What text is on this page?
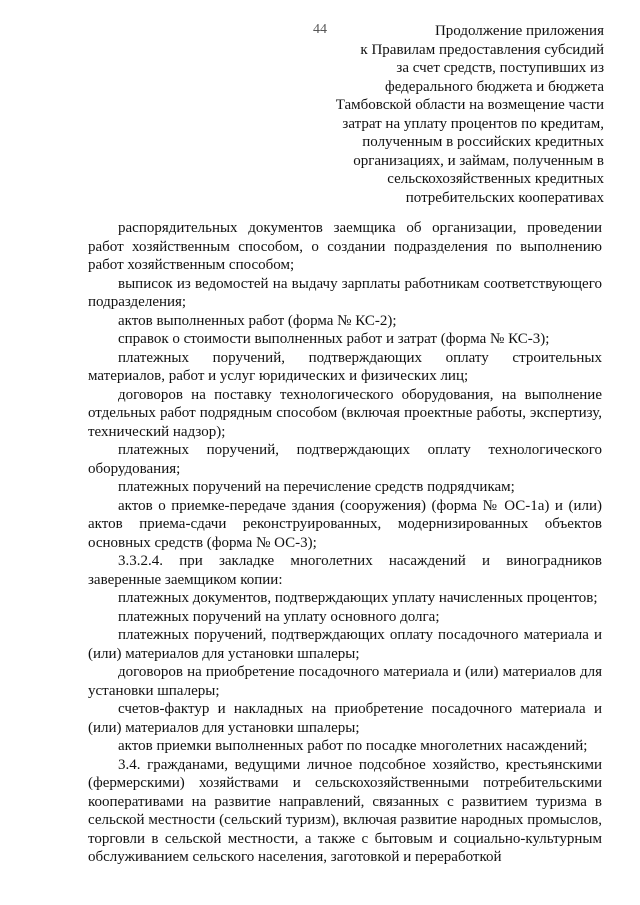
44	Продолжение приложения
к Правилам предоставления субсидий
за счет средств, поступивших из
федерального бюджета и бюджета
Тамбовской области на возмещение части
затрат на уплату процентов по кредитам,
полученным в российских кредитных
организациях, и займам, полученным в
сельскохозяйственных кредитных
потребительских кооперативах

распорядительных документов заемщика об организации, проведении работ хозяйственным способом, о создании подразделения по выполнению работ хозяйственным способом;

выписок из ведомостей на выдачу зарплаты работникам соответствующего подразделения;

актов выполненных работ (форма № КС-2);

справок о стоимости выполненных работ и затрат (форма № КС-3);

платежных поручений, подтверждающих оплату строительных материалов, работ и услуг юридических и физических лиц;

договоров на поставку технологического оборудования, на выполнение отдельных работ подрядным способом (включая проектные работы, экспертизу, технический надзор);

платежных поручений, подтверждающих оплату технологического оборудования;

платежных поручений на перечисление средств подрядчикам;

актов о приемке-передаче здания (сооружения) (форма № ОС-1а) и (или) актов приема-сдачи реконструированных, модернизированных объектов основных средств (форма № ОС-3);

3.3.2.4. при закладке многолетних насаждений и виноградников заверенные заемщиком копии:

платежных документов, подтверждающих уплату начисленных процентов;

платежных поручений на уплату основного долга;

платежных поручений, подтверждающих оплату посадочного материала и (или) материалов для установки шпалеры;

договоров на приобретение посадочного материала и (или) материалов для установки шпалеры;

счетов-фактур и накладных на приобретение посадочного материала и (или) материалов для установки шпалеры;

актов приемки выполненных работ по посадке многолетних насаждений;

3.4. гражданами, ведущими личное подсобное хозяйство, крестьянскими (фермерскими) хозяйствами и сельскохозяйственными потребительскими кооперативами на развитие направлений, связанных с развитием туризма в сельской местности (сельский туризм), включая развитие народных промыслов, торговли в сельской местности, а также с бытовым и социально-культурным обслуживанием сельского населения, заготовкой и переработкой
